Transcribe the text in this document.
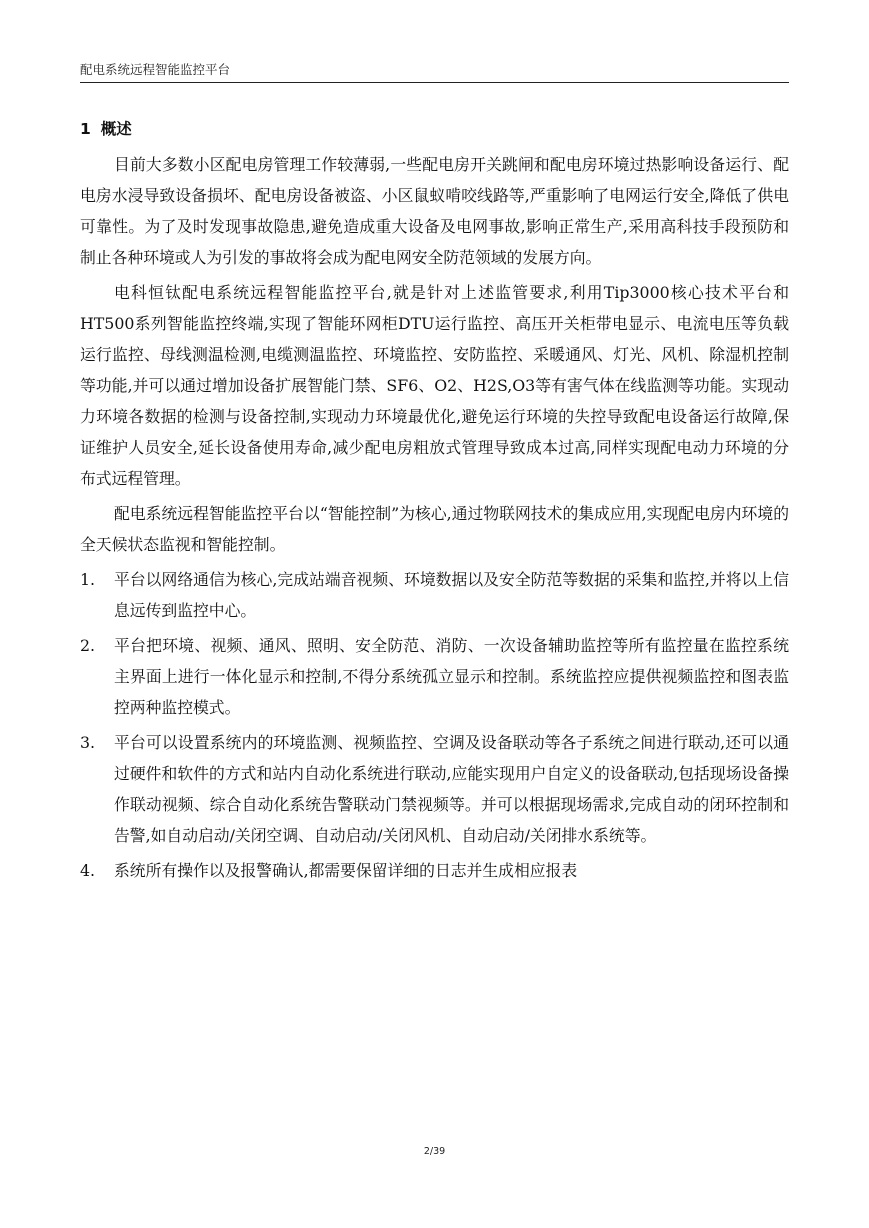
配电系统远程智能监控平台
1 概述

目前大多数小区配电房管理工作较薄弱,一些配电房开关跳闸和配电房环境过热影响设备运行、配电房水浸导致设备损坏、配电房设备被盗、小区鼠蚁啃咬线路等,严重影响了电网运行安全,降低了供电可靠性。为了及时发现事故隐患,避免造成重大设备及电网事故,影响正常生产,采用高科技手段预防和制止各种环境或人为引发的事故将会成为配电网安全防范领域的发展方向。

电科恒钛配电系统远程智能监控平台,就是针对上述监管要求,利用Tip3000核心技术平台和HT500系列智能监控终端,实现了智能环网柜DTU运行监控、高压开关柜带电显示、电流电压等负载运行监控、母线测温检测,电缆测温监控、环境监控、安防监控、采暖通风、灯光、风机、除湿机控制等功能,并可以通过增加设备扩展智能门禁、SF6、O2、H2S,O3等有害气体在线监测等功能。实现动力环境各数据的检测与设备控制,实现动力环境最优化,避免运行环境的失控导致配电设备运行故障,保证维护人员安全,延长设备使用寿命,减少配电房粗放式管理导致成本过高,同样实现配电动力环境的分布式远程管理。

配电系统远程智能监控平台以“智能控制”为核心,通过物联网技术的集成应用,实现配电房内环境的全天候状态监视和智能控制。

1. 平台以网络通信为核心,完成站端音视频、环境数据以及安全防范等数据的采集和监控,并将以上信息远传到监控中心。
2. 平台把环境、视频、通风、照明、安全防范、消防、一次设备辅助监控等所有监控量在监控系统主界面上进行一体化显示和控制,不得分系统孤立显示和控制。系统监控应提供视频监控和图表监控两种监控模式。
3. 平台可以设置系统内的环境监测、视频监控、空调及设备联动等各子系统之间进行联动,还可以通过硬件和软件的方式和站内自动化系统进行联动,应能实现用户自定义的设备联动,包括现场设备操作联动视频、综合自动化系统告警联动门禁视频等。并可以根据现场需求,完成自动的闭环控制和告警,如自动启动/关闭空调、自动启动/关闭风机、自动启动/关闭排水系统等。
4. 系统所有操作以及报警确认,都需要保留详细的日志并生成相应报表
2/39
